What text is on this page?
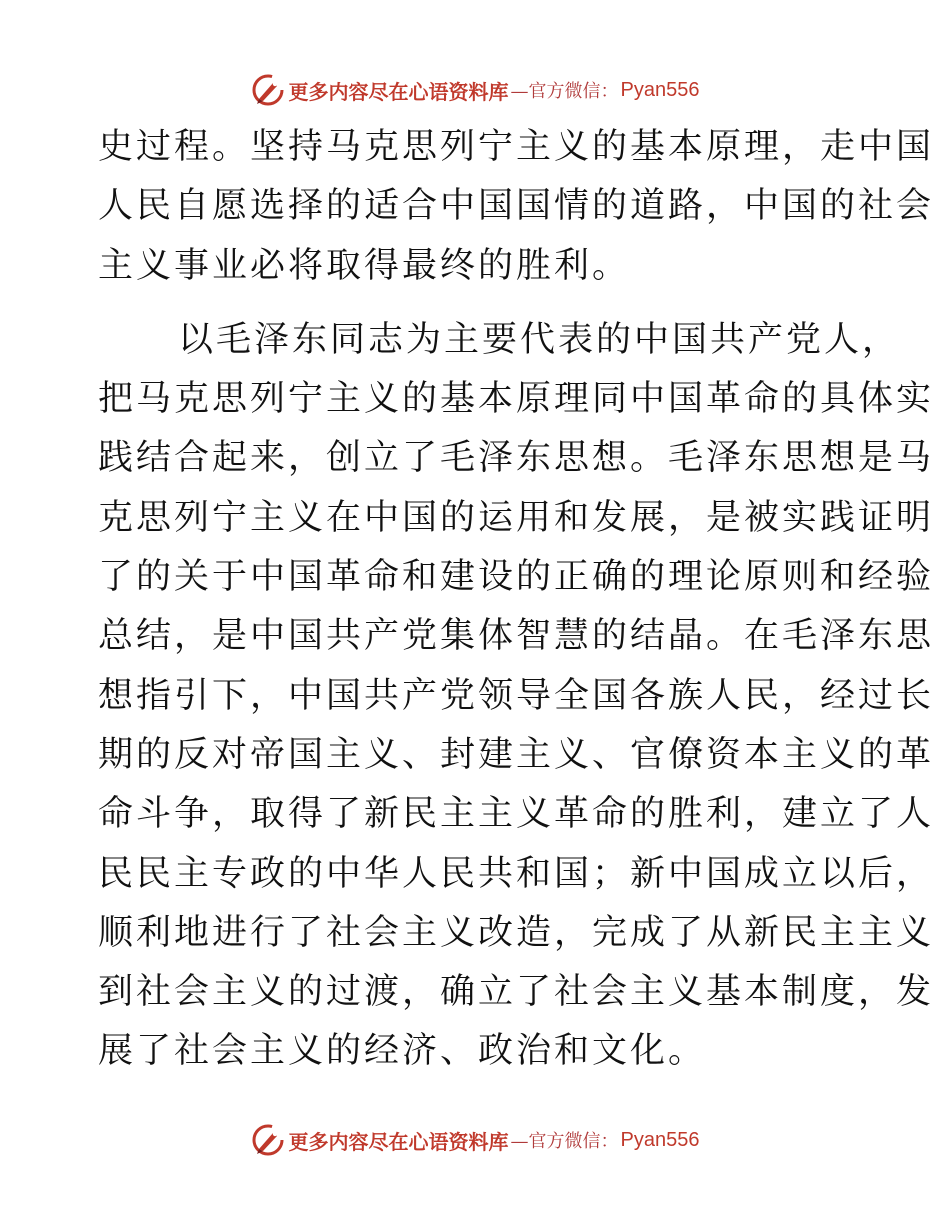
更多内容尽在心语资料库 —官方微信： Pyan556
史过程。坚持马克思列宁主义的基本原理，走中国
人民自愿选择的适合中国国情的道路，中国的社会
主义事业必将取得最终的胜利。
以毛泽东同志为主要代表的中国共产党人，
把马克思列宁主义的基本原理同中国革命的具体实
践结合起来，创立了毛泽东思想。毛泽东思想是马
克思列宁主义在中国的运用和发展，是被实践证明
了的关于中国革命和建设的正确的理论原则和经验
总结，是中国共产党集体智慧的结晶。在毛泽东思
想指引下，中国共产党领导全国各族人民，经过长
期的反对帝国主义、封建主义、官僚资本主义的革
命斗争，取得了新民主主义革命的胜利，建立了人
民民主专政的中华人民共和国；新中国成立以后，
顺利地进行了社会主义改造，完成了从新民主主义
到社会主义的过渡，确立了社会主义基本制度，发
展了社会主义的经济、政治和文化。
更多内容尽在心语资料库 —官方微信： Pyan556
